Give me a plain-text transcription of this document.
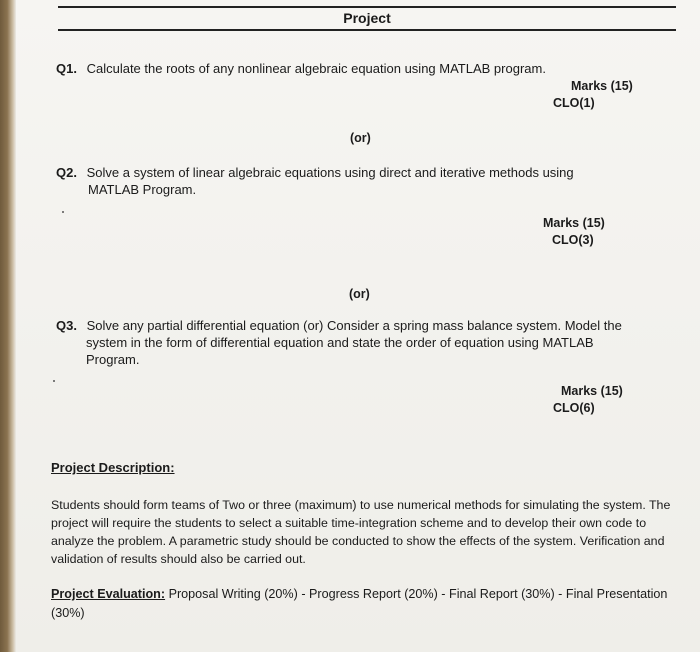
Project
Q1. Calculate the roots of any nonlinear algebraic equation using MATLAB program.
Marks (15)
CLO(1)
(or)
Q2. Solve a system of linear algebraic equations using direct and iterative methods using
MATLAB Program.
Marks (15)
CLO(3)
(or)
Q3. Solve any partial differential equation (or) Consider a spring mass balance system. Model the
system in the form of differential equation and state the order of equation using MATLAB
Program.
Marks (15)
CLO(6)
Project Description:
Students should form teams of Two or three (maximum) to use numerical methods for simulating the system. The
project will require the students to select a suitable time-integration scheme and to develop their own code to
analyze the problem. A parametric study should be conducted to show the effects of the system. Verification and
validation of results should also be carried out.
Project Evaluation: Proposal Writing (20%) - Progress Report (20%) - Final Report (30%) - Final Presentation
(30%)
